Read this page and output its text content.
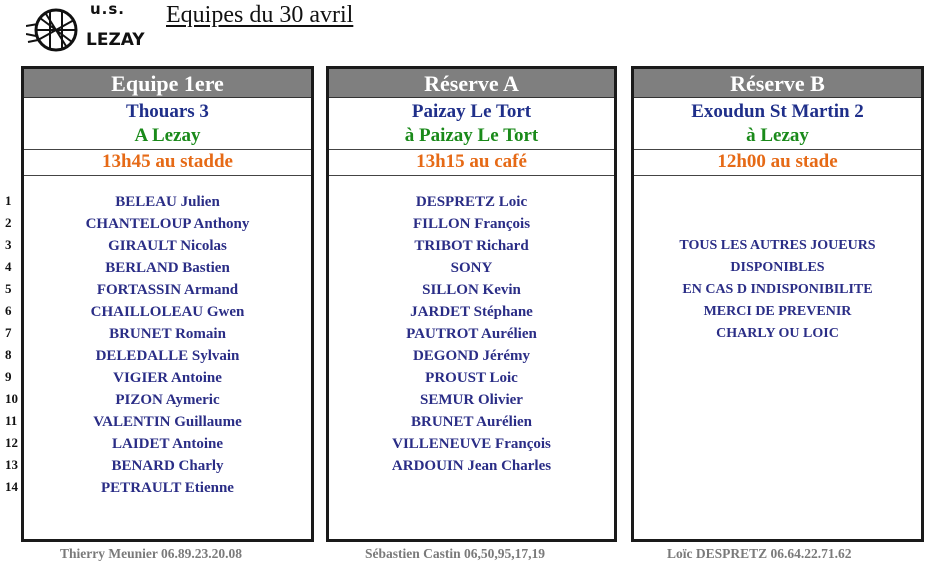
u.s.
LEZAY
Equipes du 30 avril
1
2
3
4
5
6
7
8
9
10
11
12
13
14
Equipe 1ere
Thouars 3
A Lezay
13h45 au staddе
BELEAU Julien
CHANTELOUP Anthony
GIRAULT Nicolas
BERLAND Bastien
FORTASSIN Armand
CHAILLOLEAU Gwen
BRUNET Romain
DELEDALLE Sylvain
VIGIER Antoine
PIZON Aymeric
VALENTIN Guillaume
LAIDET Antoine
BENARD Charly
PETRAULT Etienne
Réserve A
Paizay Le Tort
à Paizay Le Tort
13h15 au café
DESPRETZ Loic
FILLON François
TRIBOT Richard
SONY
SILLON Kevin
JARDET Stéphane
PAUTROT Aurélien
DEGOND Jérémy
PROUST Loic
SEMUR Olivier
BRUNET Aurélien
VILLENEUVE François
ARDOUIN Jean Charles
Réserve B
Exoudun St Martin 2
à Lezay
12h00 au stade
TOUS LES AUTRES JOUEURS
DISPONIBLES
EN CAS D INDISPONIBILITE
MERCI DE PREVENIR
CHARLY OU LOIC
Thierry Meunier 06.89.23.20.08	Sébastien Castin 06,50,95,17,19	Loïc DESPRETZ 06.64.22.71.62
